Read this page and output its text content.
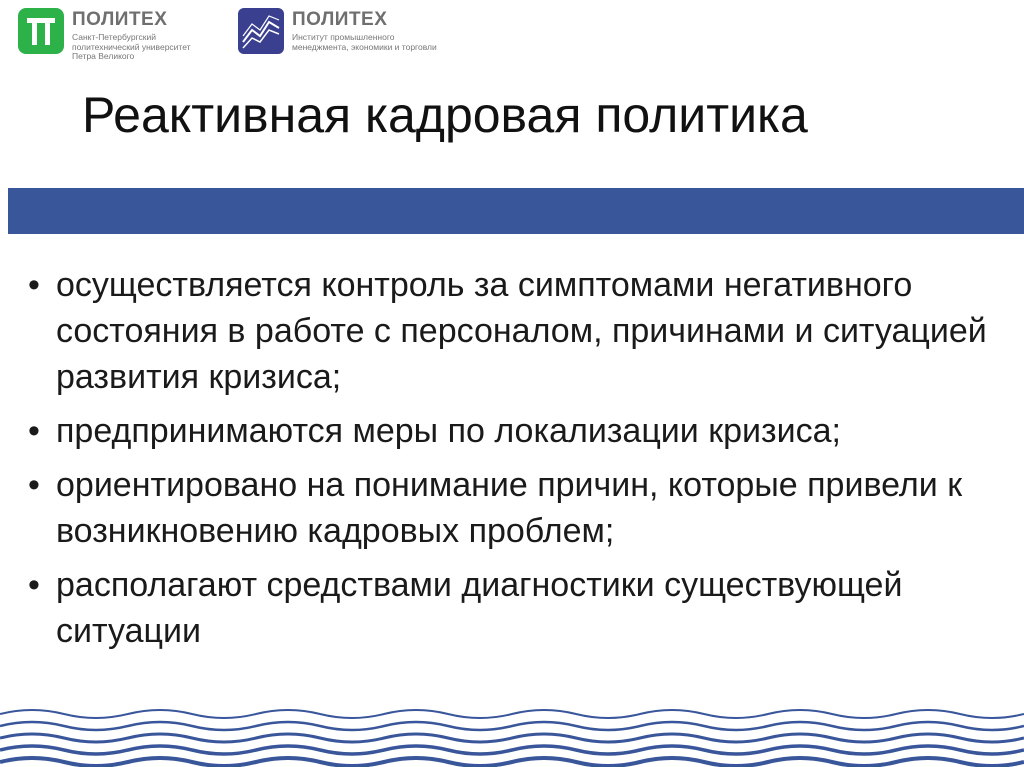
ПОЛИТЕХ
Санкт-Петербургский
политехнический университет
Петра Великого
ПОЛИТЕХ
Институт промышленного
менеджмента, экономики и торговли
Реактивная кадровая политика
• осуществляется контроль за симптомами негативного состояния в работе с персоналом, причинами и ситуацией развития кризиса;
• предпринимаются меры по локализации кризиса;
• ориентировано на понимание причин, которые привели к возникновению кадровых проблем;
• располагают средствами диагностики существующей ситуации
